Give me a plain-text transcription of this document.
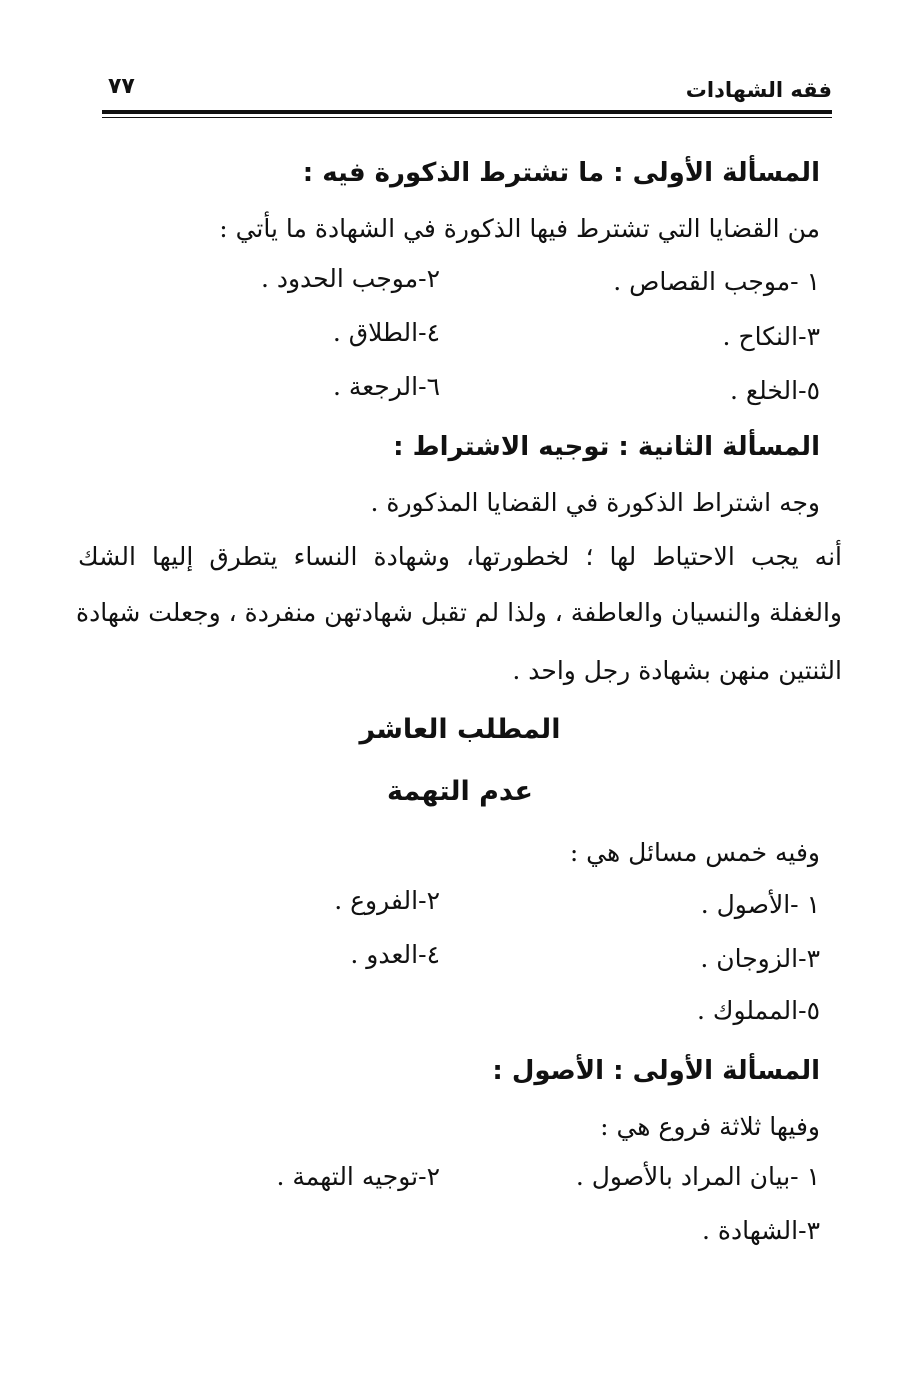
فقه الشهادات
٧٧
المسألة الأولى : ما تشترط الذكورة فيه :
من القضايا التي تشترط فيها الذكورة في الشهادة ما يأتي :
١ -موجب القصاص .
٢-موجب الحدود .
٣-النكاح .
٤-الطلاق .
٥-الخلع .
٦-الرجعة .
المسألة الثانية : توجيه الاشتراط :
وجه اشتراط الذكورة في القضايا المذكورة .
أنه يجب الاحتياط لها ؛ لخطورتها، وشهادة النساء يتطرق إليها الشك
والغفلة والنسيان والعاطفة ، ولذا لم تقبل شهادتهن منفردة ، وجعلت شهادة
الثنتين منهن بشهادة رجل واحد .
المطلب العاشر
عدم التهمة
وفيه خمس مسائل هي :
١ -الأصول .
٢-الفروع .
٣-الزوجان .
٤-العدو .
٥-المملوك .
المسألة الأولى : الأصول :
وفيها ثلاثة فروع هي :
١ -بيان المراد بالأصول .
٢-توجيه التهمة .
٣-الشهادة .
